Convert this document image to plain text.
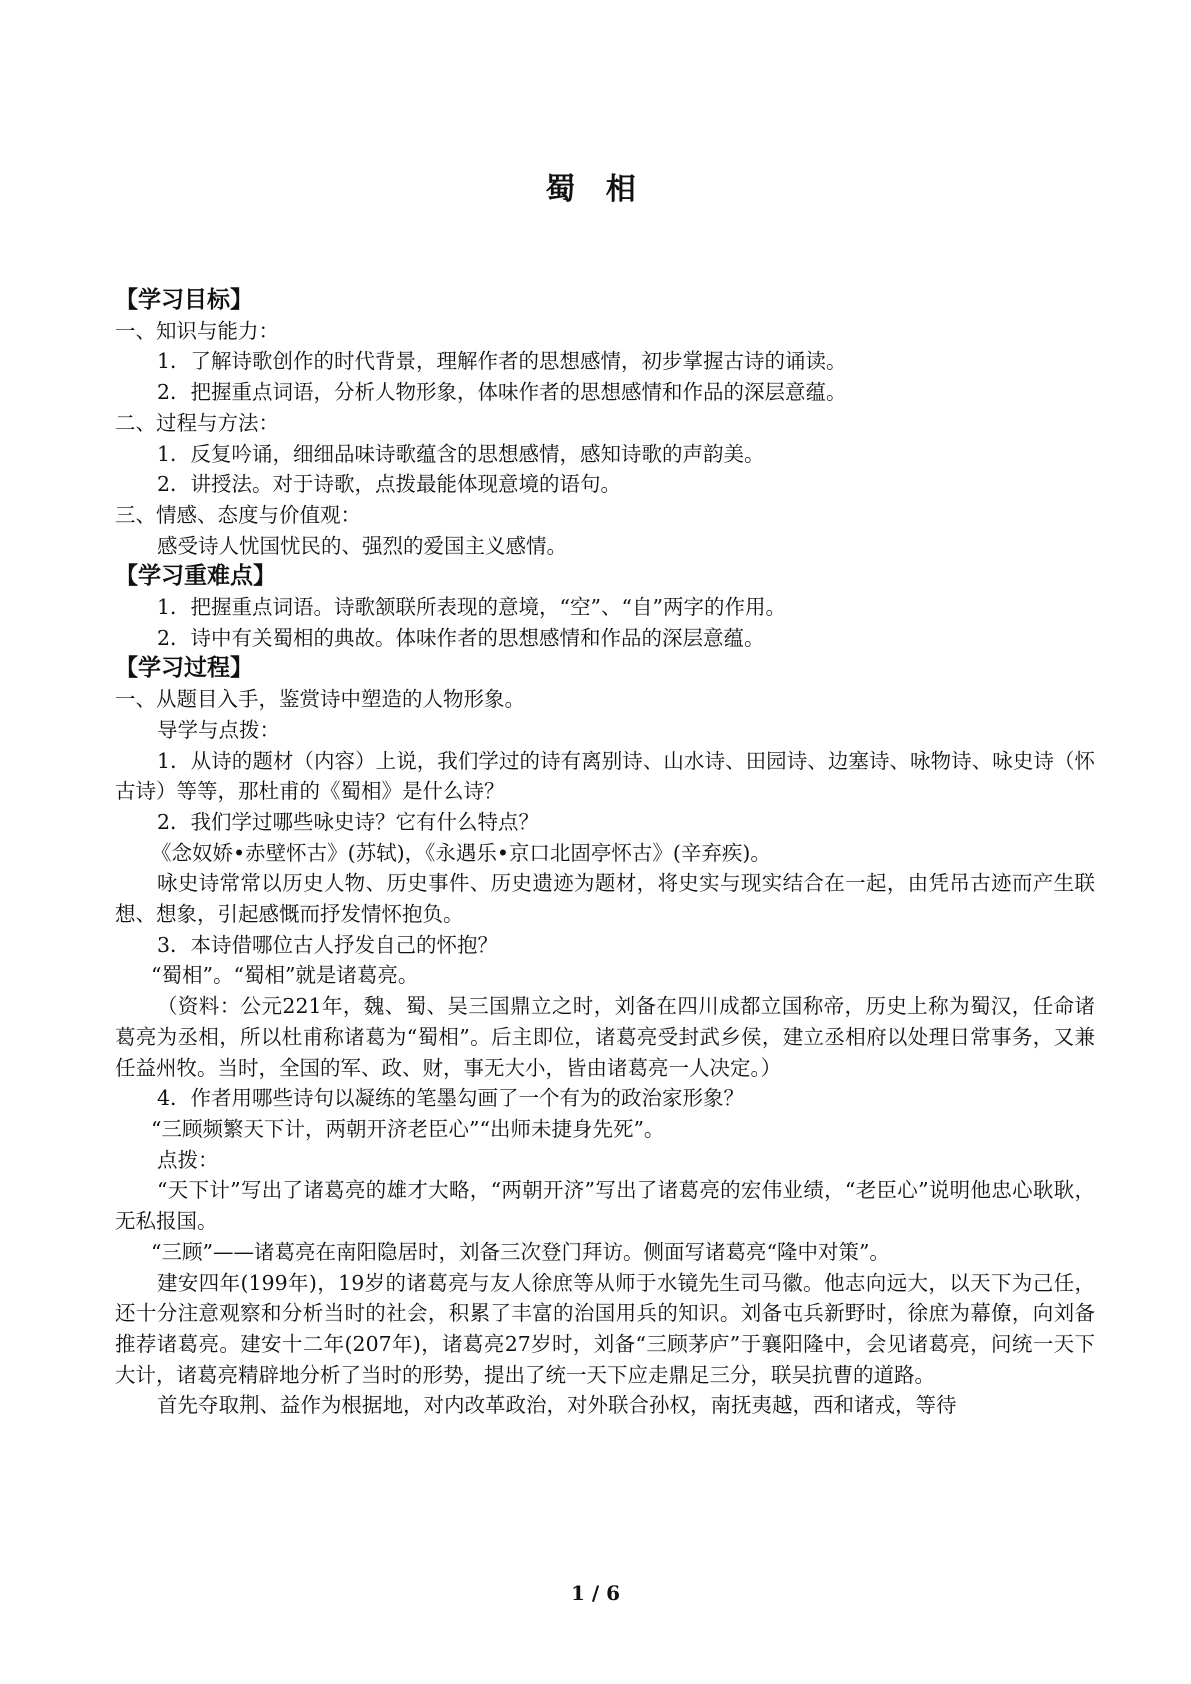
蜀 相
【学习目标】
一、知识与能力：
1．了解诗歌创作的时代背景，理解作者的思想感情，初步掌握古诗的诵读。
2．把握重点词语，分析人物形象，体味作者的思想感情和作品的深层意蕴。
二、过程与方法：
1．反复吟诵，细细品味诗歌蕴含的思想感情，感知诗歌的声韵美。
2．讲授法。对于诗歌，点拨最能体现意境的语句。
三、情感、态度与价值观：
感受诗人忧国忧民的、强烈的爱国主义感情。
【学习重难点】
1．把握重点词语。诗歌颔联所表现的意境，“空”、“自”两字的作用。
2．诗中有关蜀相的典故。体味作者的思想感情和作品的深层意蕴。
【学习过程】
一、从题目入手，鉴赏诗中塑造的人物形象。
导学与点拨：
1．从诗的题材（内容）上说，我们学过的诗有离别诗、山水诗、田园诗、边塞诗、咏物诗、咏史诗（怀古诗）等等，那杜甫的《蜀相》是什么诗？
2．我们学过哪些咏史诗？它有什么特点？
《念奴娇•赤壁怀古》(苏轼)，《永遇乐•京口北固亭怀古》(辛弃疾)。
咏史诗常常以历史人物、历史事件、历史遗迹为题材，将史实与现实结合在一起，由凭吊古迹而产生联想、想象，引起感慨而抒发情怀抱负。
3．本诗借哪位古人抒发自己的怀抱？
“蜀相”。“蜀相”就是诸葛亮。
（资料：公元221年，魏、蜀、吴三国鼎立之时，刘备在四川成都立国称帝，历史上称为蜀汉，任命诸葛亮为丞相，所以杜甫称诸葛为“蜀相”。后主即位，诸葛亮受封武乡侯，建立丞相府以处理日常事务，又兼任益州牧。当时，全国的军、政、财，事无大小，皆由诸葛亮一人决定。）
4．作者用哪些诗句以凝练的笔墨勾画了一个有为的政治家形象？
“三顾频繁天下计，两朝开济老臣心”“出师未捷身先死”。
点拨：
“天下计”写出了诸葛亮的雄才大略，“两朝开济”写出了诸葛亮的宏伟业绩，“老臣心”说明他忠心耿耿，无私报国。
“三顾”——诸葛亮在南阳隐居时，刘备三次登门拜访。侧面写诸葛亮“隆中对策”。
建安四年(199年)，19岁的诸葛亮与友人徐庶等从师于水镜先生司马徽。他志向远大，以天下为己任，还十分注意观察和分析当时的社会，积累了丰富的治国用兵的知识。刘备屯兵新野时，徐庶为幕僚，向刘备推荐诸葛亮。建安十二年(207年)，诸葛亮27岁时，刘备“三顾茅庐”于襄阳隆中，会见诸葛亮，问统一天下大计，诸葛亮精辟地分析了当时的形势，提出了统一天下应走鼎足三分，联吴抗曹的道路。
首先夺取荆、益作为根据地，对内改革政治，对外联合孙权，南抚夷越，西和诸戎，等待
1 / 6
